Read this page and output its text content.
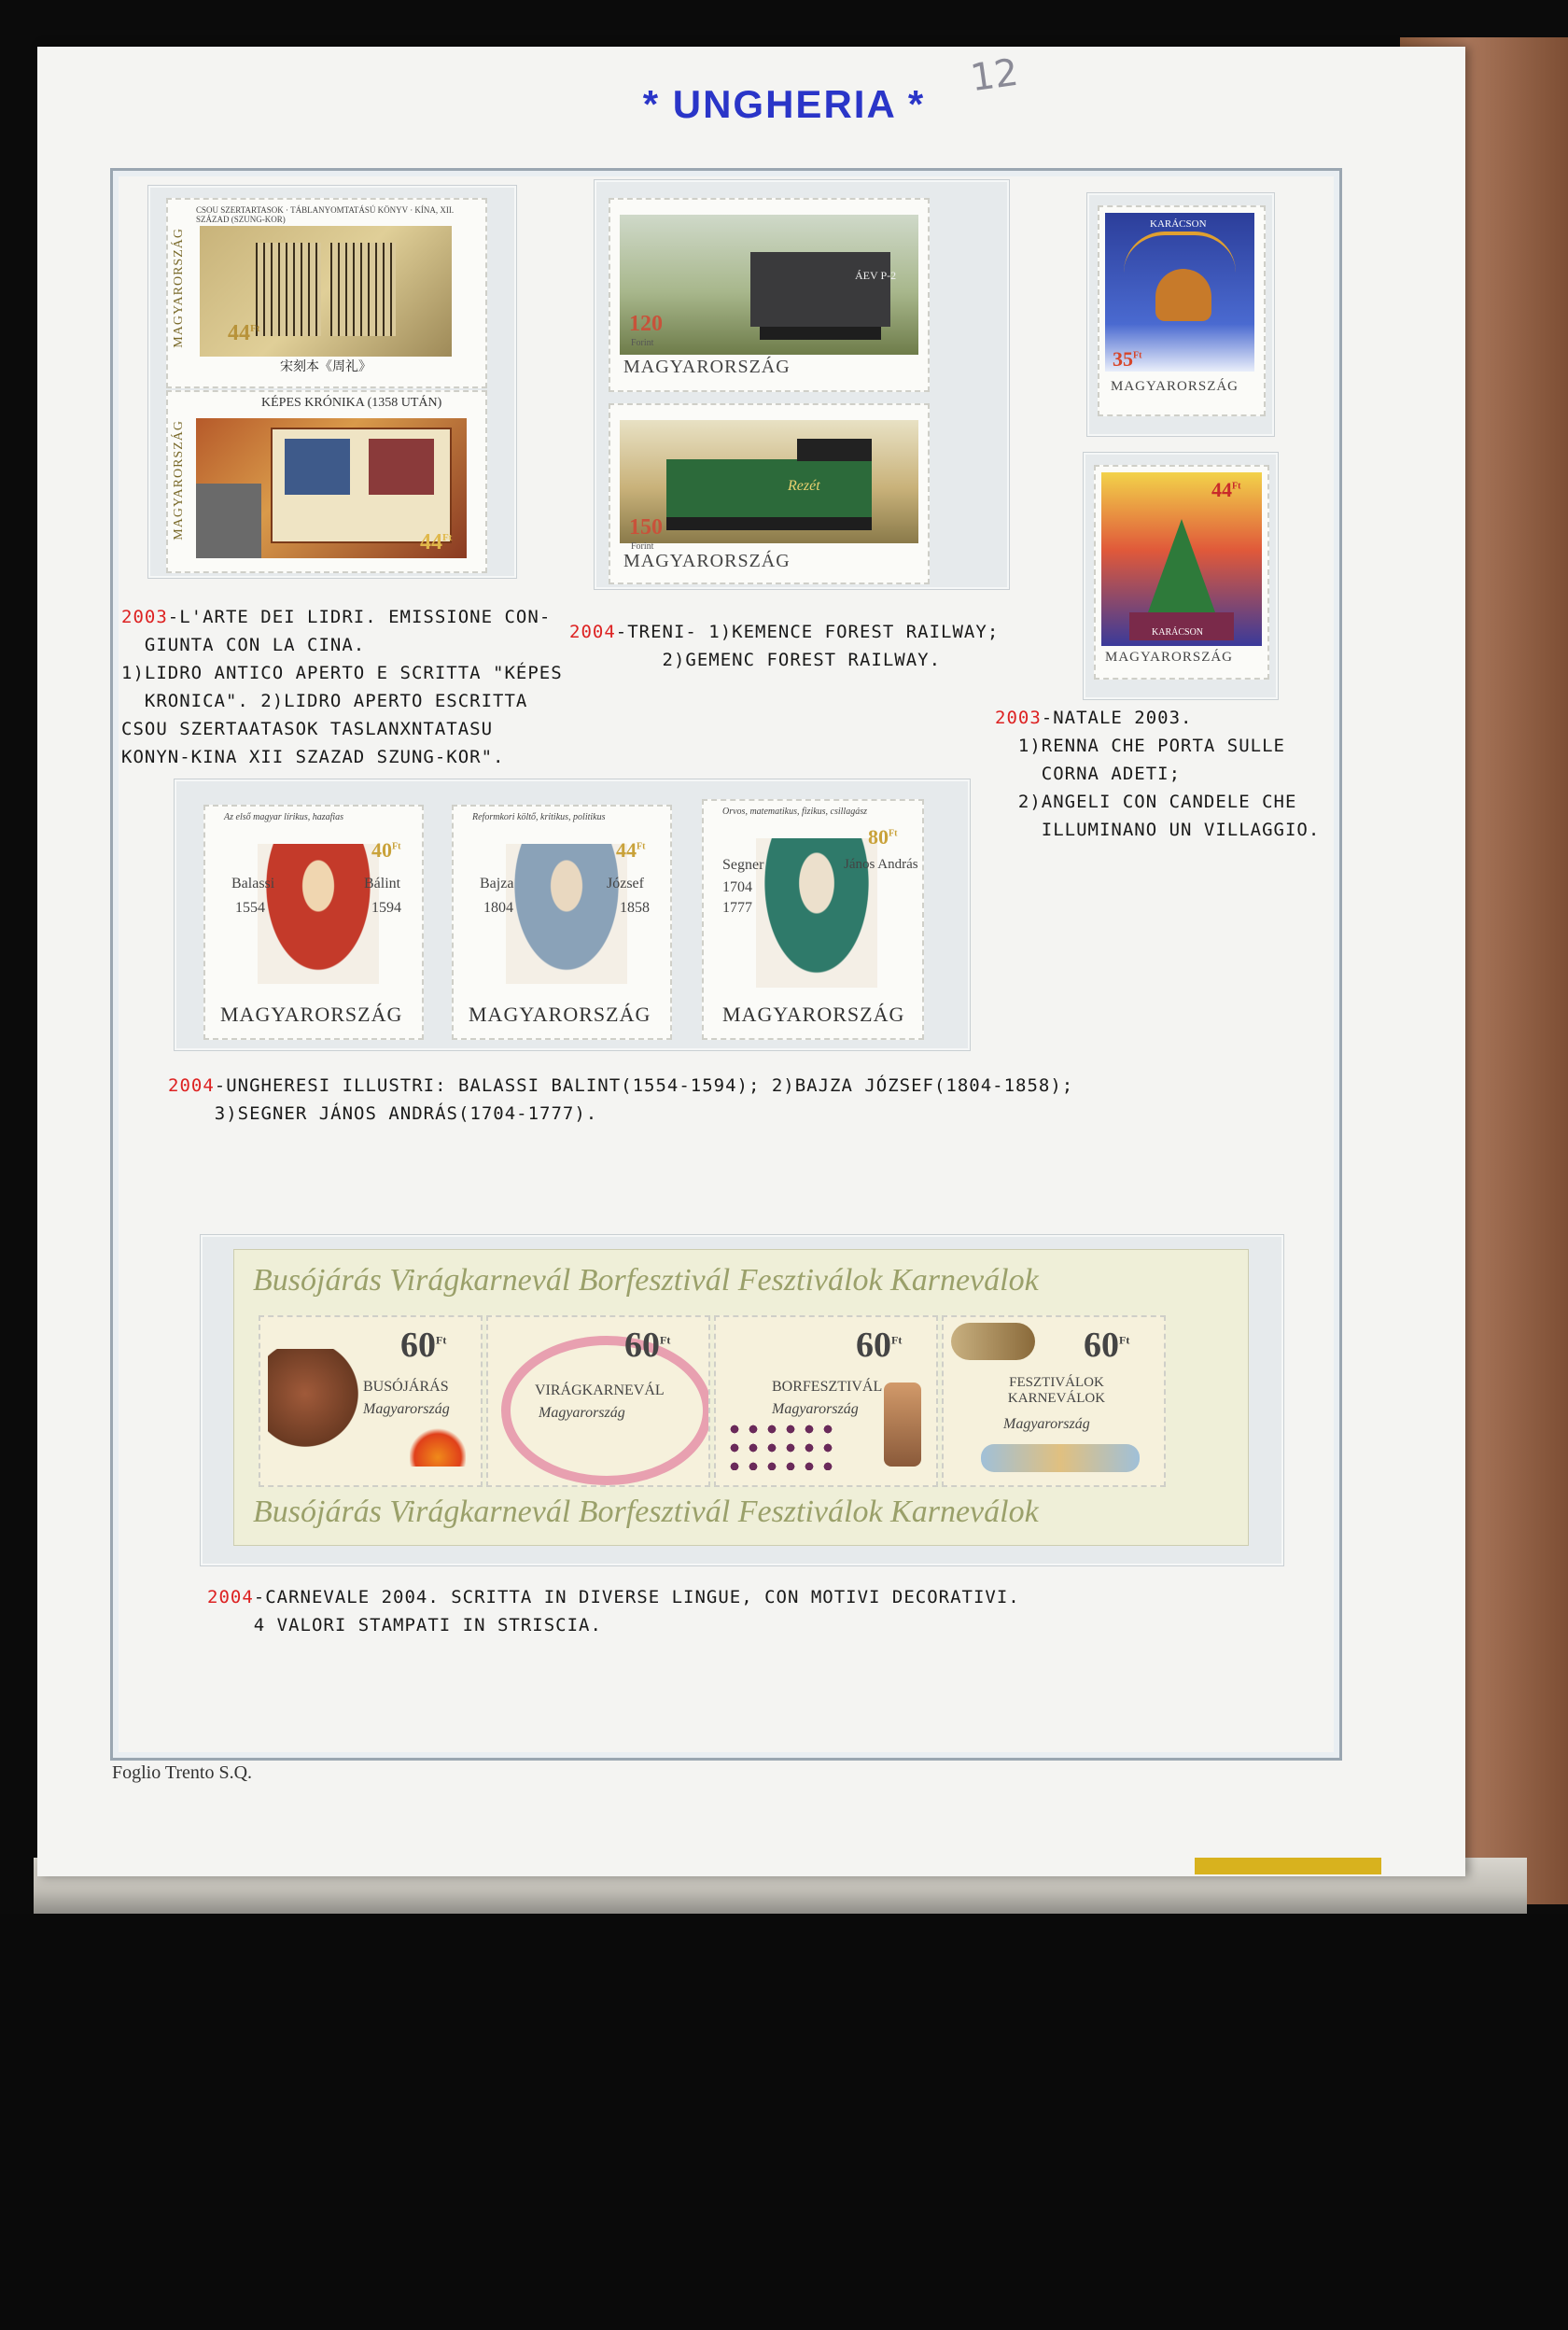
* UNGHERIA *
12
Foglio Trento S.Q.
CSOU SZERTARTASOK · TÁBLANYOMTATÁSÚ KÖNYV · KÍNA, XII. SZÁZAD (SZUNG-KOR)
MAGYARORSZÁG $44^{Ft}$
宋刻本《周礼》
KÉPES KRÓNIKA (1358 UTÁN)
MAGYARORSZÁG
$44^{Ft}$
ÁEV P-2
120
Forint
MAGYARORSZÁG
Rezét
150
Forint
MAGYARORSZÁG
KARÁCSON
$35^{Ft}$
MAGYARORSZÁG
$44^{Ft}$
KARÁCSON
MAGYARORSZÁG
Az első magyar lírikus, hazafias
$40^{Ft}$
Balassi	Bálint
1554	1594
MAGYARORSZÁG
Reformkori költő, kritikus, politikus
$44^{Ft}$
Bajza	József
1804	1858
MAGYARORSZÁG
Orvos, matematikus, fizikus, csillagász
$80^{Ft}$
Segner	János András
1704
1777
MAGYARORSZÁG
Busójárás Virágkarnevál Borfesztivál Fesztiválok Karneválok
Busójárás Virágkarnevál Borfesztivál Fesztiválok Karneválok
$60^{Ft}$
BUSÓJÁRÁS
Magyarország
$60^{Ft}$
VIRÁGKARNEVÁL
Magyarország
$60^{Ft}$
BORFESZTIVÁL
Magyarország
$60^{Ft}$
FESZTIVÁLOK KARNEVÁLOK
Magyarország
2003-L'ARTE DEI LIDRI. EMISSIONE CON-
GIUNTA CON LA CINA.
1)LIDRO ANTICO APERTO E SCRITTA "KÉPES
KRONICA". 2)LIDRO APERTO ESCRITTA
CSOU SZERTAATASOK TASLANXNTATASU
KONYN-KINA XII SZAZAD SZUNG-KOR".
2004-TRENI- 1)KEMENCE FOREST RAILWAY;
2)GEMENC FOREST RAILWAY.
2003-NATALE 2003.
1)RENNA CHE PORTA SULLE
CORNA ADETI;
2)ANGELI CON CANDELE CHE
ILLUMINANO UN VILLAGGIO.
2004-UNGHERESI ILLUSTRI: BALASSI BALINT(1554-1594); 2)BAJZA JÓZSEF(1804-1858);
3)SEGNER JÁNOS ANDRÁS(1704-1777).
2004-CARNEVALE 2004. SCRITTA IN DIVERSE LINGUE, CON MOTIVI DECORATIVI.
4 VALORI STAMPATI IN STRISCIA.
